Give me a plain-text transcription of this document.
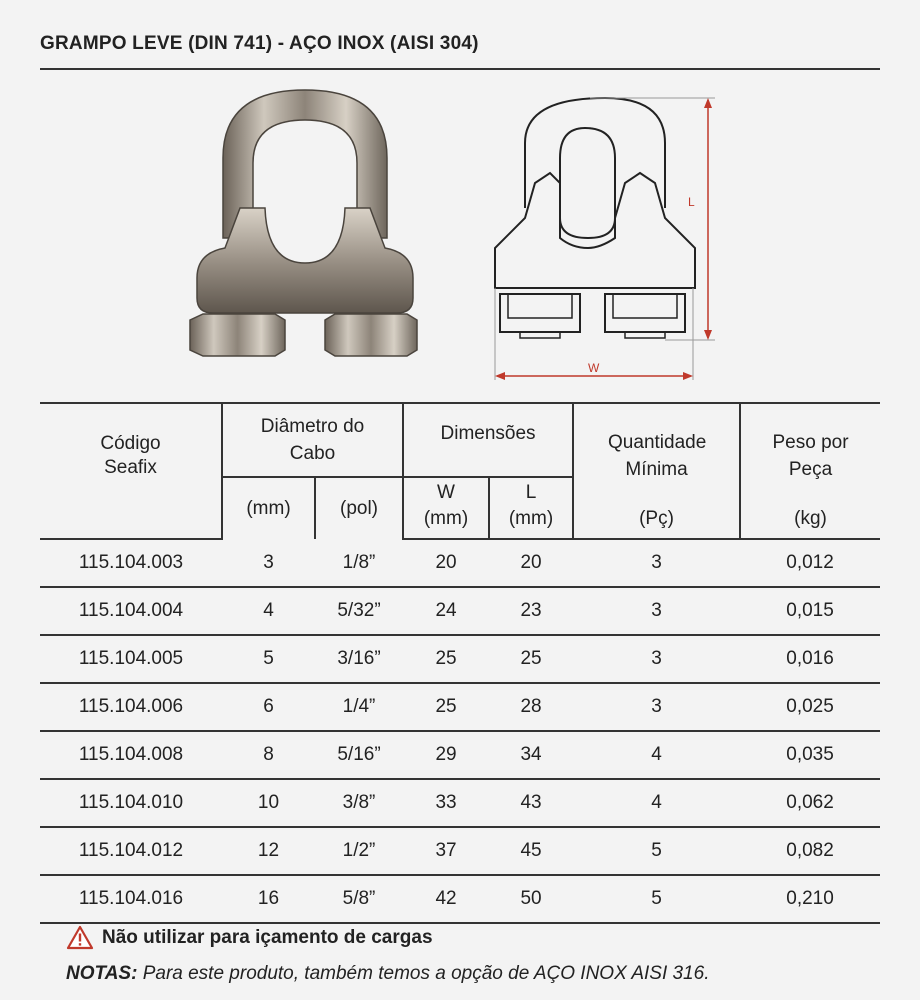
GRAMPO LEVE (DIN 741) - AÇO INOX (AISI 304)
L
W
Código Seafix	Diâmetro do Cabo		Dimensões		Quantidade Mínima	Peso por Peça
	(mm)	(pol)	W	L		
			(mm)	(mm)	(Pç)	(kg)
115.104.003	3	1/8”	20	20	3	0,012
115.104.004	4	5/32”	24	23	3	0,015
115.104.005	5	3/16”	25	25	3	0,016
115.104.006	6	1/4”	25	28	3	0,025
115.104.008	8	5/16”	29	34	4	0,035
115.104.010	10	3/8”	33	43	4	0,062
115.104.012	12	1/2”	37	45	5	0,082
115.104.016	16	5/8”	42	50	5	0,210
Não utilizar para içamento de cargas
NOTAS: Para este produto, também temos a opção de AÇO INOX AISI 316.
